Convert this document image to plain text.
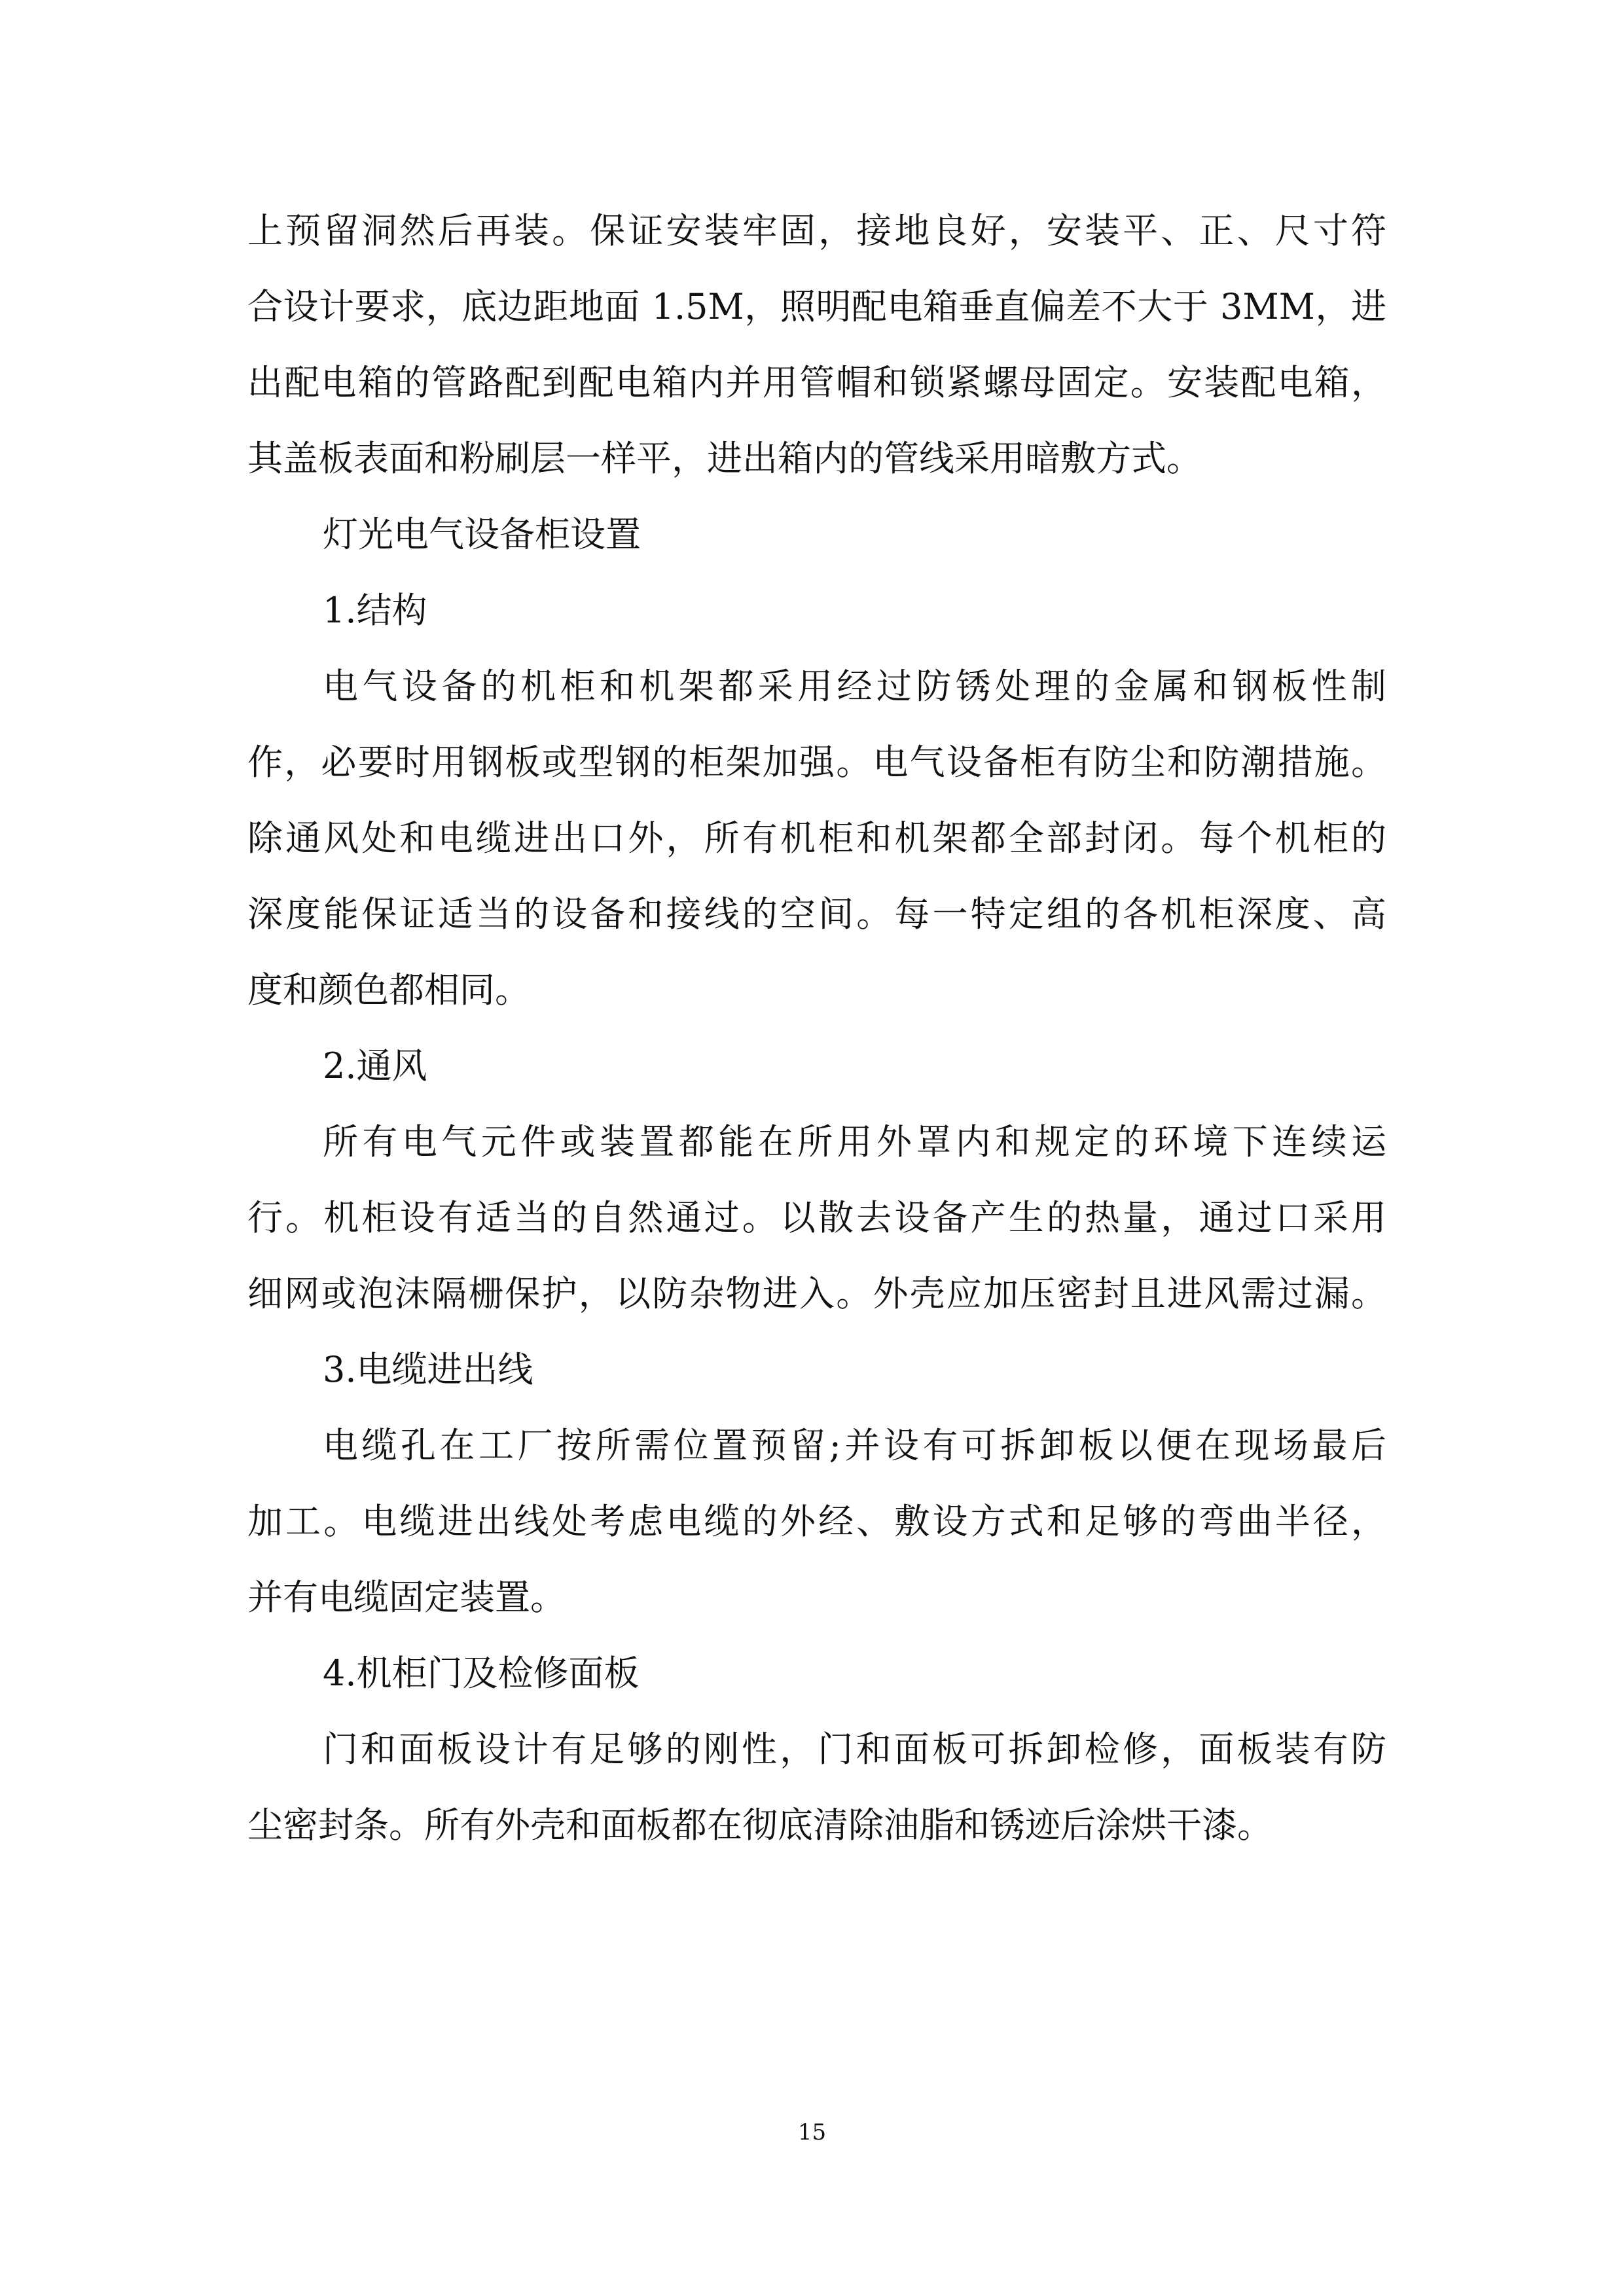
上预留洞然后再装。保证安装牢固，接地良好，安装平、正、尺寸符
合设计要求，底边距地面 1.5M，照明配电箱垂直偏差不大于 3MM，进
出配电箱的管路配到配电箱内并用管帽和锁紧螺母固定。安装配电箱，
其盖板表面和粉刷层一样平，进出箱内的管线采用暗敷方式。
灯光电气设备柜设置
1.结构
电气设备的机柜和机架都采用经过防锈处理的金属和钢板性制
作，必要时用钢板或型钢的柜架加强。电气设备柜有防尘和防潮措施。
除通风处和电缆进出口外，所有机柜和机架都全部封闭。每个机柜的
深度能保证适当的设备和接线的空间。每一特定组的各机柜深度、高
度和颜色都相同。
2.通风
所有电气元件或装置都能在所用外罩内和规定的环境下连续运
行。机柜设有适当的自然通过。以散去设备产生的热量，通过口采用
细网或泡沫隔栅保护，以防杂物进入。外壳应加压密封且进风需过漏。
3.电缆进出线
电缆孔在工厂按所需位置预留;并设有可拆卸板以便在现场最后
加工。电缆进出线处考虑电缆的外经、敷设方式和足够的弯曲半径，
并有电缆固定装置。
4.机柜门及检修面板
门和面板设计有足够的刚性，门和面板可拆卸检修，面板装有防
尘密封条。所有外壳和面板都在彻底清除油脂和锈迹后涂烘干漆。
15
